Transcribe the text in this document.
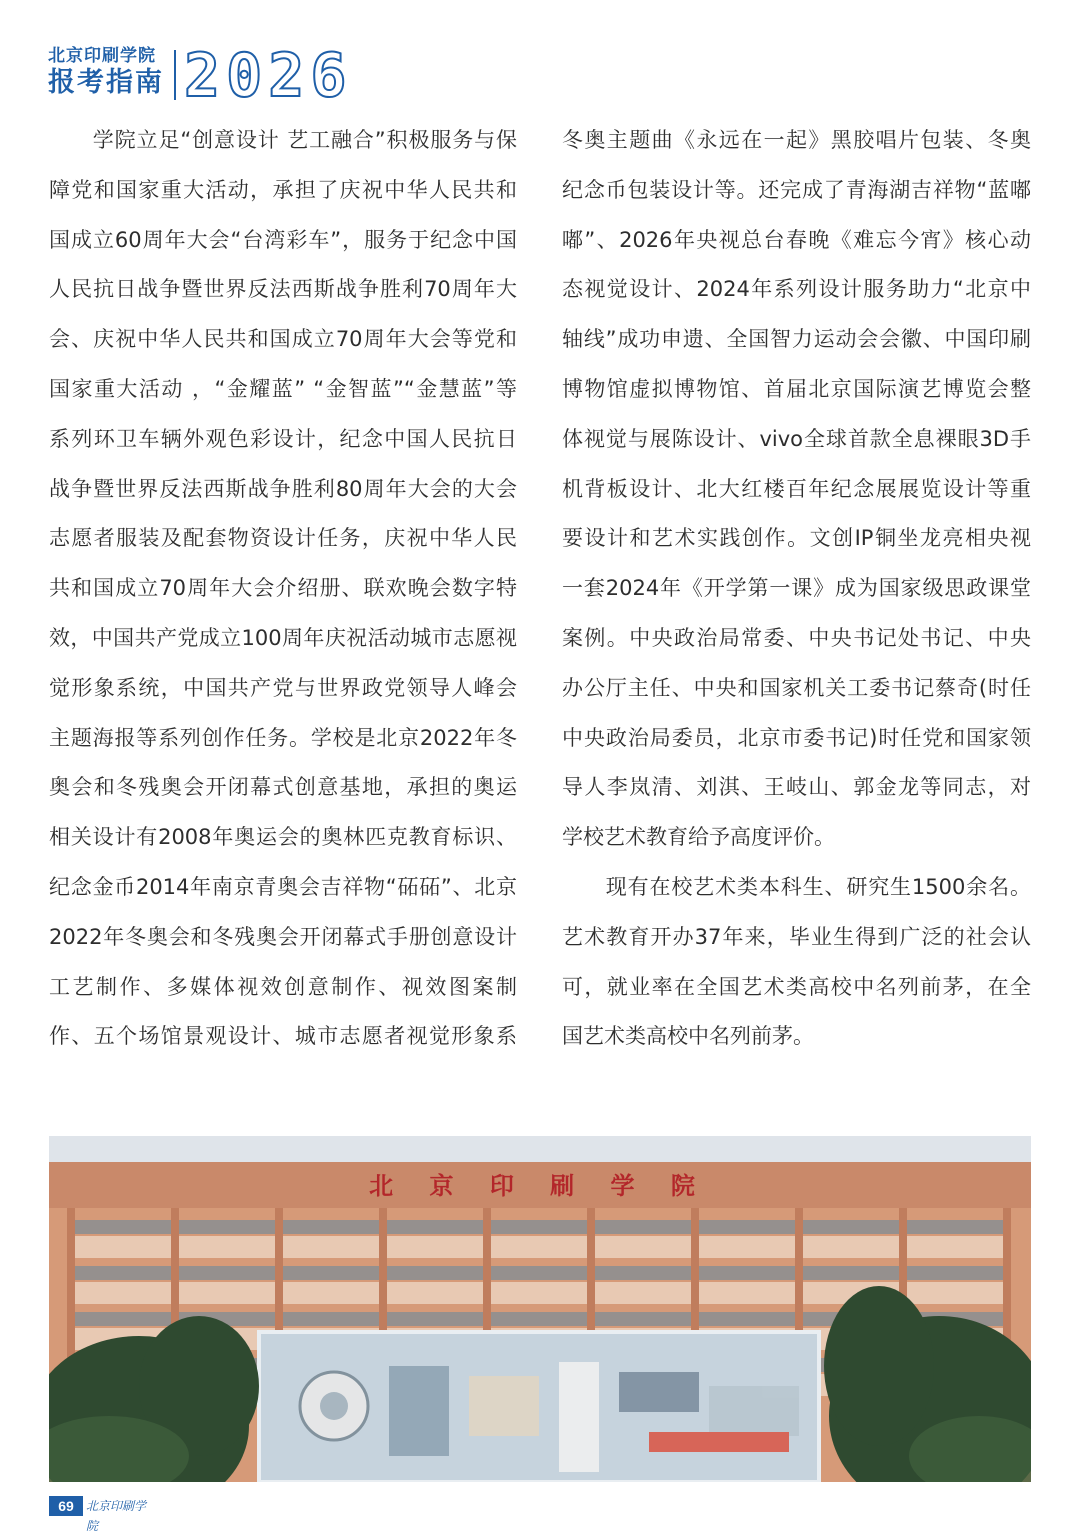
北京印刷学院
报考指南 2026
　　学院立足“创意设计 艺工融合”积极服务与保
障党和国家重大活动，承担了庆祝中华人民共和
国成立60周年大会“台湾彩车”，服务于纪念中国
人民抗日战争暨世界反法西斯战争胜利70周年大
会、庆祝中华人民共和国成立70周年大会等党和
国家重大活动 ，“金耀蓝” “金智蓝”“金慧蓝”等
系列环卫车辆外观色彩设计，纪念中国人民抗日
战争暨世界反法西斯战争胜利80周年大会的大会
志愿者服装及配套物资设计任务，庆祝中华人民
共和国成立70周年大会介绍册、联欢晚会数字特
效，中国共产党成立100周年庆祝活动城市志愿视
觉形象系统，中国共产党与世界政党领导人峰会
主题海报等系列创作任务。学校是北京2022年冬
奥会和冬残奥会开闭幕式创意基地，承担的奥运
相关设计有2008年奥运会的奥林匹克教育标识、
纪念金币2014年南京青奥会吉祥物“砳砳”、北京
2022年冬奥会和冬残奥会开闭幕式手册创意设计
工艺制作、多媒体视效创意制作、视效图案制
作、五个场馆景观设计、城市志愿者视觉形象系
冬奥主题曲《永远在一起》黑胶唱片包装、冬奥
纪念币包装设计等。还完成了青海湖吉祥物“蓝嘟
嘟”、2026年央视总台春晚《难忘今宵》核心动
态视觉设计、2024年系列设计服务助力“北京中
轴线”成功申遗、全国智力运动会会徽、中国印刷
博物馆虚拟博物馆、首届北京国际演艺博览会整
体视觉与展陈设计、vivo全球首款全息裸眼3D手
机背板设计、北大红楼百年纪念展展览设计等重
要设计和艺术实践创作。文创IP铜坐龙亮相央视
一套2024年《开学第一课》成为国家级思政课堂
案例。中央政治局常委、中央书记处书记、中央
办公厅主任、中央和国家机关工委书记蔡奇(时任
中央政治局委员，北京市委书记)时任党和国家领
导人李岚清、刘淇、王岐山、郭金龙等同志，对
学校艺术教育给予高度评价。
　　现有在校艺术类本科生、研究生1500余名。
艺术教育开办37年来，毕业生得到广泛的社会认
可，就业率在全国艺术类高校中名列前茅，在全
国艺术类高校中名列前茅。
北 京 印 刷 学 院
69	北京印刷学院
